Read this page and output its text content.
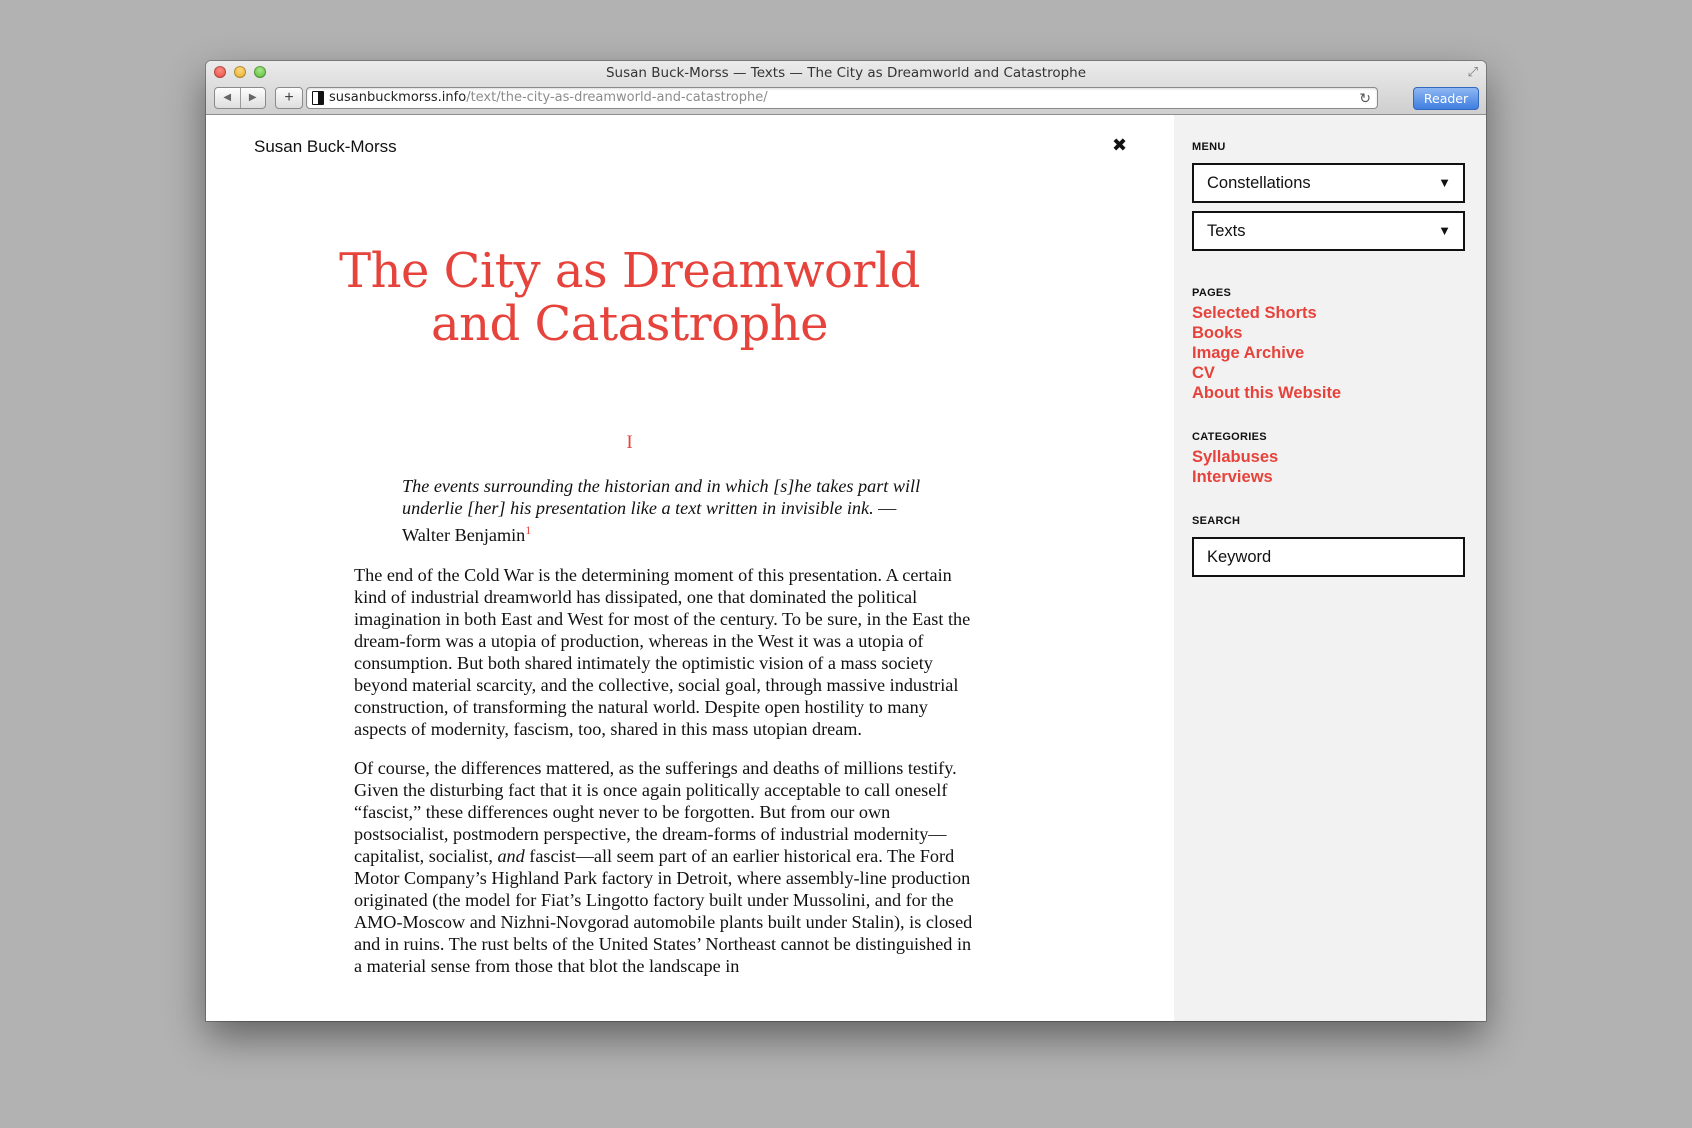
Susan Buck-Morss — Texts — The City as Dreamworld and Catastrophe	⤢
◀	▶	+	susanbuckmorss.info/text/the-city-as-dreamworld-and-catastrophe/	↻	Reader
Susan Buck-Morss	✖
The City as Dreamworld and Catastrophe
I

The events surrounding the historian and in which [s]he takes part will underlie [her] his presentation like a text written in invisible ink. —Walter Benjamin$^1$

The end of the Cold War is the determining moment of this presentation. A certain kind of industrial dreamworld has dissipated, one that dominated the political imagination in both East and West for most of the century. To be sure, in the East the dream-form was a utopia of production, whereas in the West it was a utopia of consumption. But both shared intimately the optimistic vision of a mass society beyond material scarcity, and the collective, social goal, through massive industrial construction, of transforming the natural world. Despite open hostility to many aspects of modernity, fascism, too, shared in this mass utopian dream.

Of course, the differences mattered, as the sufferings and deaths of millions testify. Given the disturbing fact that it is once again politically acceptable to call oneself “fascist,” these differences ought never to be forgotten. But from our own postsocialist, postmodern perspective, the dream-forms of industrial modernity—capitalist, socialist, and fascist—all seem part of an earlier historical era. The Ford Motor Company’s Highland Park factory in Detroit, where assembly-line production originated (the model for Fiat’s Lingotto factory built under Mussolini, and for the AMO-Moscow and Nizhni-Novgorad automobile plants built under Stalin), is closed and in ruins. The rust belts of the United States’ Northeast cannot be distinguished in a material sense from those that blot the landscape in

MENU
Constellations	▼
Texts	▼
PAGES
Selected Shorts
Books
Image Archive
CV
About this Website
CATEGORIES
Syllabuses
Interviews
SEARCH
Keyword
